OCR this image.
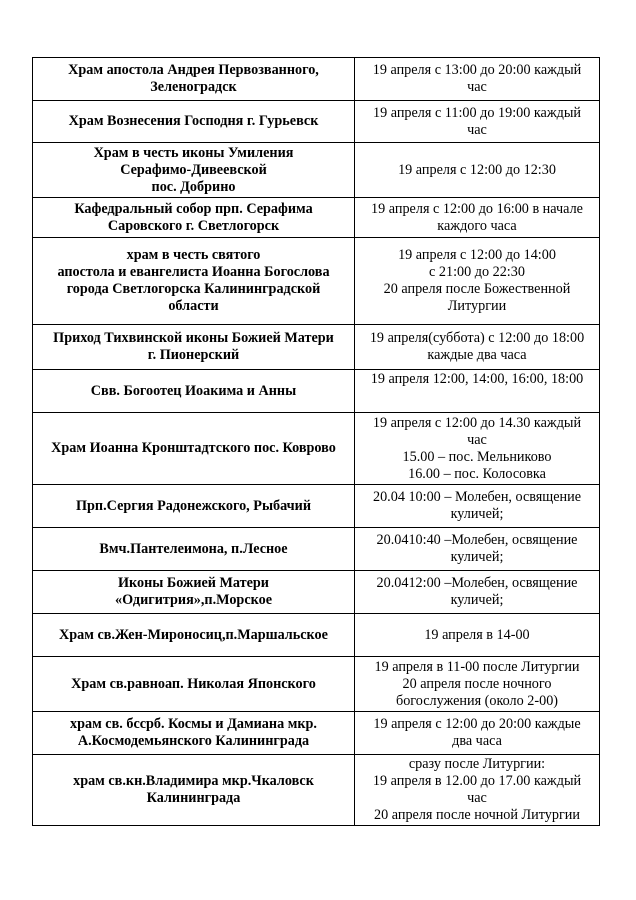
Храм апостола Андрея Первозванного,
Зеленоградск	19 апреля с 13:00 до 20:00 каждый
час

Храм Вознесения Господня г. Гурьевск	19 апреля с 11:00 до 19:00 каждый
час

Храм в честь иконы Умиления
Серафимо-Дивеевской
пос. Добрино	19 апреля с 12:00 до 12:30

Кафедральный собор прп. Серафима
Саровского г. Светлогорск	19 апреля с 12:00 до 16:00 в начале
каждого часа

храм в честь святого
апостола и евангелиста Иоанна Богослова
города Светлогорска Калининградской
области	19 апреля с 12:00 до 14:00
с 21:00 до 22:30
20 апреля после Божественной
Литургии

Приход Тихвинской иконы Божией Матери
г. Пионерский	19 апреля(суббота) с 12:00 до 18:00
каждые два часа

Свв. Богоотец Иоакима и Анны	19 апреля 12:00, 14:00, 16:00, 18:00

Храм Иоанна Кронштадтского пос. Коврово	19 апреля с 12:00 до 14.30 каждый
час
15.00 – пос. Мельниково
16.00 – пос. Колосовка

Прп.Сергия Радонежского, Рыбачий	20.04 10:00 – Молебен, освящение
куличей;

Вмч.Пантелеимона, п.Лесное	20.0410:40 –Молебен, освящение
куличей;

Иконы Божией Матери
«Одигитрия»,п.Морское	20.0412:00 –Молебен, освящение
куличей;

Храм св.Жен-Мироносиц,п.Маршальское	19 апреля в 14-00

Храм св.равноап. Николая Японского	19 апреля в 11-00 после Литургии
20 апреля после ночного
богослужения (около 2-00)

храм св. бссрб. Космы и Дамиана мкр.
А.Космодемьянского Калининграда	19 апреля с 12:00 до 20:00 каждые
два часа

храм св.кн.Владимира мкр.Чкаловск
Калининграда	сразу после Литургии:
19 апреля в 12.00 до 17.00 каждый
час
20 апреля после ночной Литургии
